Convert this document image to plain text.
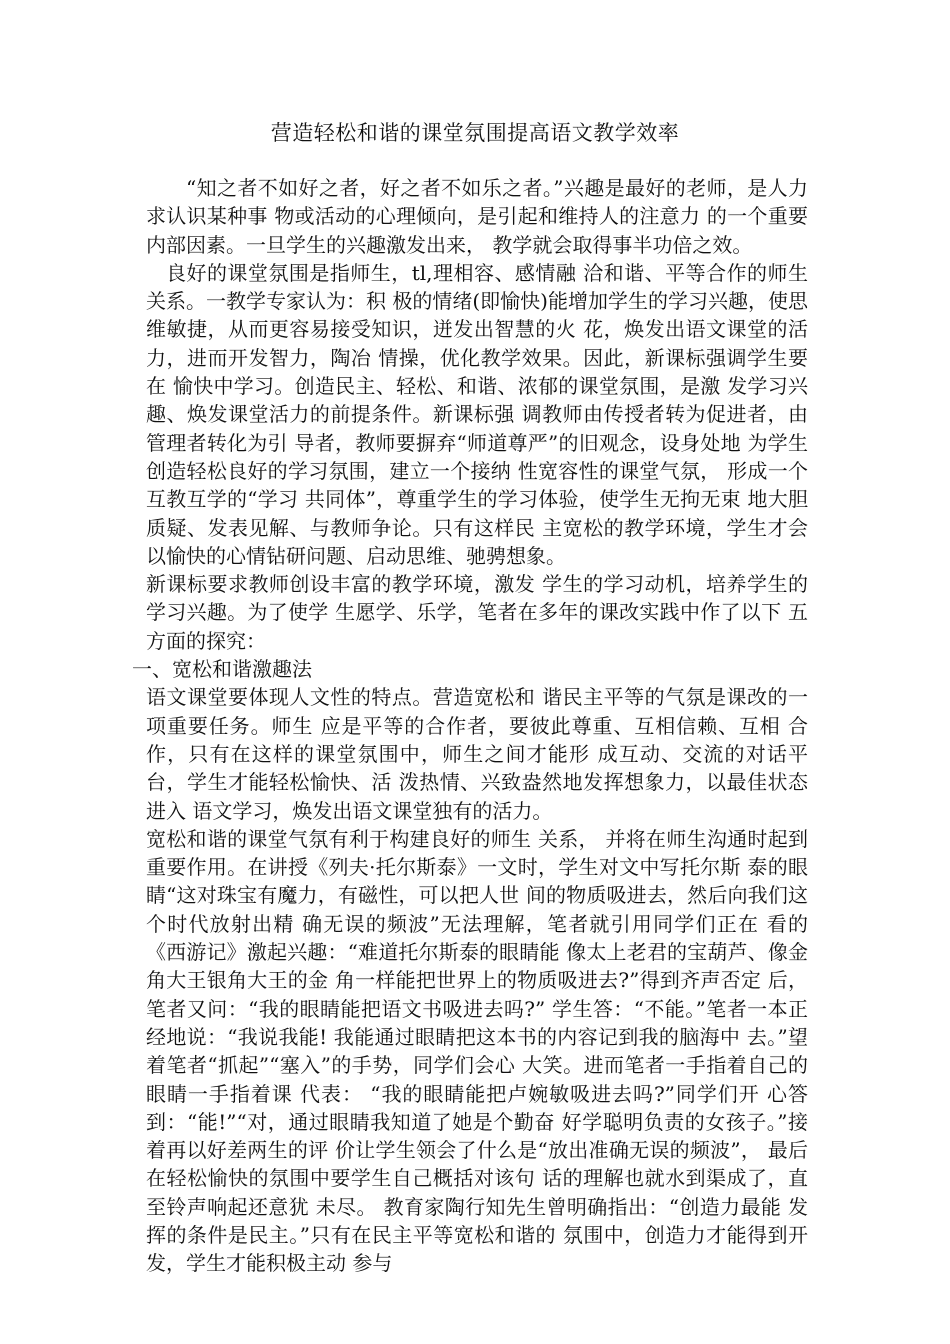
营造轻松和谐的课堂氛围提高语文教学效率

“知之者不如好之者，好之者不如乐之者。”兴趣是最好的老师，是人力求认识某种事 物或活动的心理倾向，是引起和维持人的注意力 的一个重要内部因素。一旦学生的兴趣激发出来， 教学就会取得事半功倍之效。

良好的课堂氛围是指师生，tl,理相容、感情融 洽和谐、平等合作的师生关系。一教学专家认为：积 极的情绪(即愉快)能增加学生的学习兴趣，使思 维敏捷，从而更容易接受知识，迸发出智慧的火 花，焕发出语文课堂的活力，进而开发智力，陶冶 情操，优化教学效果。因此，新课标强调学生要在 愉快中学习。创造民主、轻松、和谐、浓郁的课堂氛围，是激 发学习兴趣、焕发课堂活力的前提条件。新课标强 调教师由传授者转为促进者，由管理者转化为引 导者，教师要摒弃“师道尊严”的旧观念，设身处地 为学生创造轻松良好的学习氛围，建立一个接纳 性宽容性的课堂气氛， 形成一个互教互学的“学习 共同体”，尊重学生的学习体验，使学生无拘无束 地大胆质疑、发表见解、与教师争论。只有这样民 主宽松的教学环境，学生才会以愉快的心情钻研问题、启动思维、驰骋想象。

新课标要求教师创设丰富的教学环境，激发 学生的学习动机，培养学生的学习兴趣。为了使学 生愿学、乐学，笔者在多年的课改实践中作了以下 五方面的探究：

一、宽松和谐激趣法

语文课堂要体现人文性的特点。营造宽松和 谐民主平等的气氛是课改的一项重要任务。师生 应是平等的合作者，要彼此尊重、互相信赖、互相 合作，只有在这样的课堂氛围中，师生之间才能形 成互动、交流的对话平台，学生才能轻松愉快、活 泼热情、兴致盎然地发挥想象力，以最佳状态进入 语文学习，焕发出语文课堂独有的活力。

宽松和谐的课堂气氛有利于构建良好的师生 关系， 并将在师生沟通时起到重要作用。在讲授《列夫·托尔斯泰》一文时，学生对文中写托尔斯 泰的眼睛“这对珠宝有魔力，有磁性，可以把人世 间的物质吸进去，然后向我们这个时代放射出精 确无误的频波”无法理解，笔者就引用同学们正在 看的《西游记》激起兴趣：“难道托尔斯泰的眼睛能 像太上老君的宝葫芦、像金角大王银角大王的金 角一样能把世界上的物质吸进去?”得到齐声否定 后，笔者又问：“我的眼睛能把语文书吸进去吗?” 学生答：“不能。”笔者一本正经地说：“我说我能! 我能通过眼睛把这本书的内容记到我的脑海中 去。”望着笔者“抓起”“塞入”的手势，同学们会心 大笑。进而笔者一手指着自己的眼睛一手指着课 代表： “我的眼睛能把卢婉敏吸进去吗?”同学们开 心答到：“能!”“对，通过眼睛我知道了她是个勤奋 好学聪明负责的女孩子。”接着再以好差两生的评 价让学生领会了什么是“放出准确无误的频波”， 最后在轻松愉快的氛围中要学生自己概括对该句 话的理解也就水到渠成了，直至铃声响起还意犹 未尽。 教育家陶行知先生曾明确指出：“创造力最能 发挥的条件是民主。”只有在民主平等宽松和谐的 氛围中，创造力才能得到开发，学生才能积极主动 参与
